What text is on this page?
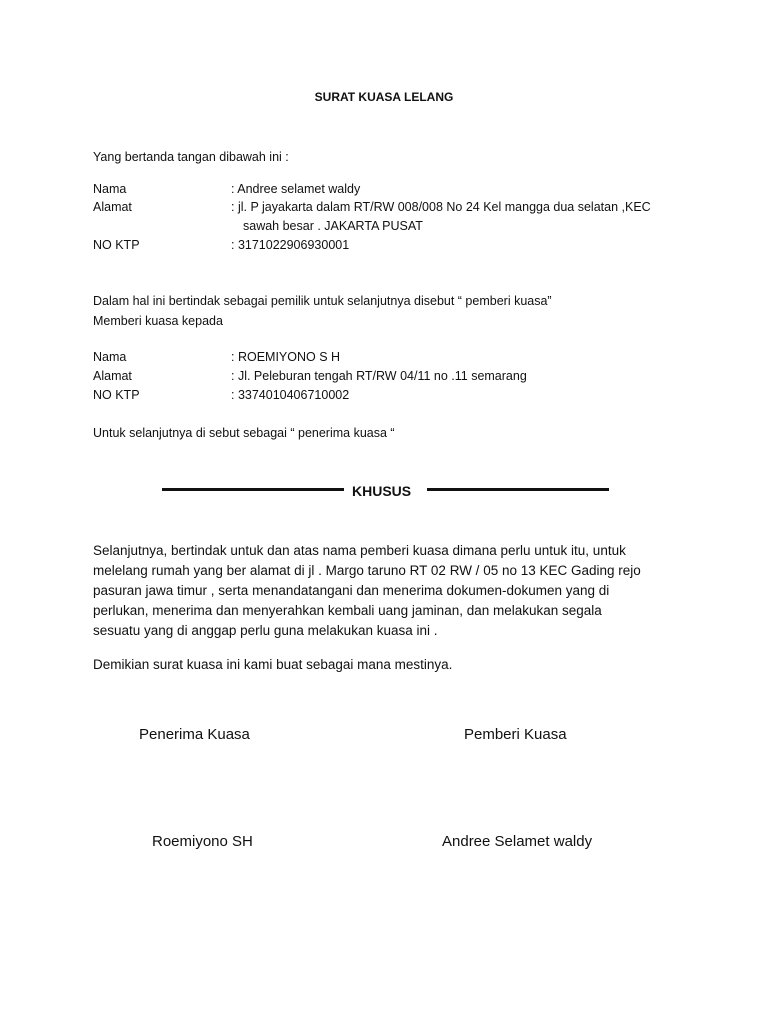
SURAT KUASA LELANG
Yang bertanda tangan dibawah ini :
Nama	: Andree selamet waldy
Alamat	: jl. P jayakarta dalam RT/RW 008/008 No 24 Kel mangga dua selatan ,KEC
sawah besar . JAKARTA PUSAT
NO KTP	: 3171022906930001
Dalam hal ini bertindak sebagai pemilik untuk selanjutnya disebut “ pemberi kuasa”
Memberi kuasa kepada
Nama	: ROEMIYONO S H
Alamat	: Jl. Peleburan tengah RT/RW 04/11 no .11 semarang
NO KTP	: 3374010406710002
Untuk selanjutnya di sebut sebagai “ penerima kuasa “
KHUSUS
Selanjutnya, bertindak untuk dan atas nama pemberi kuasa dimana perlu untuk itu, untuk
melelang rumah yang ber alamat di jl . Margo taruno RT 02 RW / 05 no 13 KEC Gading rejo
pasuran jawa timur , serta menandatangani dan menerima dokumen-dokumen yang di
perlukan, menerima dan menyerahkan kembali uang jaminan, dan melakukan segala
sesuatu yang di anggap perlu guna melakukan kuasa ini .
Demikian surat kuasa ini kami buat sebagai mana mestinya.
Penerima Kuasa	Pemberi Kuasa
Roemiyono SH	Andree Selamet waldy
